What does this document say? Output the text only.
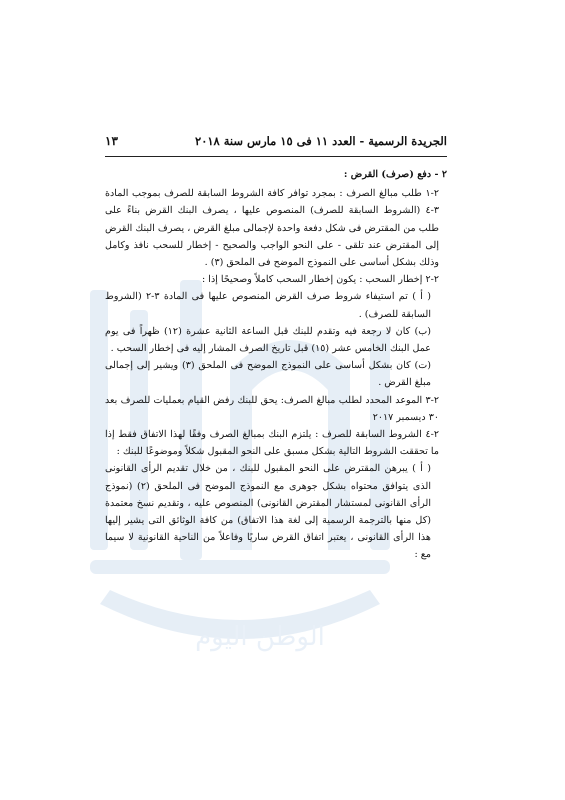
الوطن اليوم
الجريدة الرسمية - العدد ١١ فى ١٥ مارس سنة ٢٠١٨
١٣
٢ - دفع (صرف) القرض :

٢-١ طلب مبالغ الصرف : بمجرد توافر كافة الشروط السابقة للصرف بموجب المادة ٣-٤ (الشروط السابقة للصرف) المنصوص عليها ، يصرف البنك القرض بناءً على طلب من المقترض فى شكل دفعة واحدة لإجمالى مبلغ القرض ، يصرف البنك القرض إلى المقترض عند تلقى - على النحو الواجب والصحيح - إخطار للسحب نافذ وكامل وذلك بشكل أساسى على النموذج الموضح فى الملحق (٣) .

٢-٢ إخطار السحب : يكون إخطار السحب كاملاً وصحيحًا إذا :

( أ ) تم استيفاء شروط صرف القرض المنصوص عليها فى المادة ٣-٢ (الشروط السابقة للصرف) .

(ب) كان لا رجعة فيه وتقدم للبنك قبل الساعة الثانية عشرة (١٢) ظهراً فى يوم عمل البنك الخامس عشر (١٥) قبل تاريخ الصرف المشار إليه فى إخطار السحب .

(ت) كان بشكل أساسى على النموذج الموضح فى الملحق (٣) ويشير إلى إجمالى مبلغ القرض .

٢-٣ الموعد المحدد لطلب مبالغ الصرف: يحق للبنك رفض القيام بعمليات للصرف بعد ٣٠ ديسمبر ٢٠١٧

٢-٤ الشروط السابقة للصرف : يلتزم البنك بمبالغ الصرف وفقًا لهذا الاتفاق فقط إذا ما تحققت الشروط التالية بشكل مسبق على النحو المقبول شكلاً وموضوعًا للبنك :

( أ ) يبرهن المقترض على النحو المقبول للبنك ، من خلال تقديم الرأى القانونى الذى يتوافق محتواه بشكل جوهرى مع النموذج الموضح فى الملحق (٢) (نموذج الرأى القانونى لمستشار المقترض القانونى) المنصوص عليه ، وتقديم نسخ معتمدة (كل منها بالترجمة الرسمية إلى لغة هذا الاتفاق) من كافة الوثائق التى يشير إليها هذا الرأى القانونى ، يعتبر اتفاق القرض ساريًا وفاعلاً من الناحية القانونية لا سيما مع :
